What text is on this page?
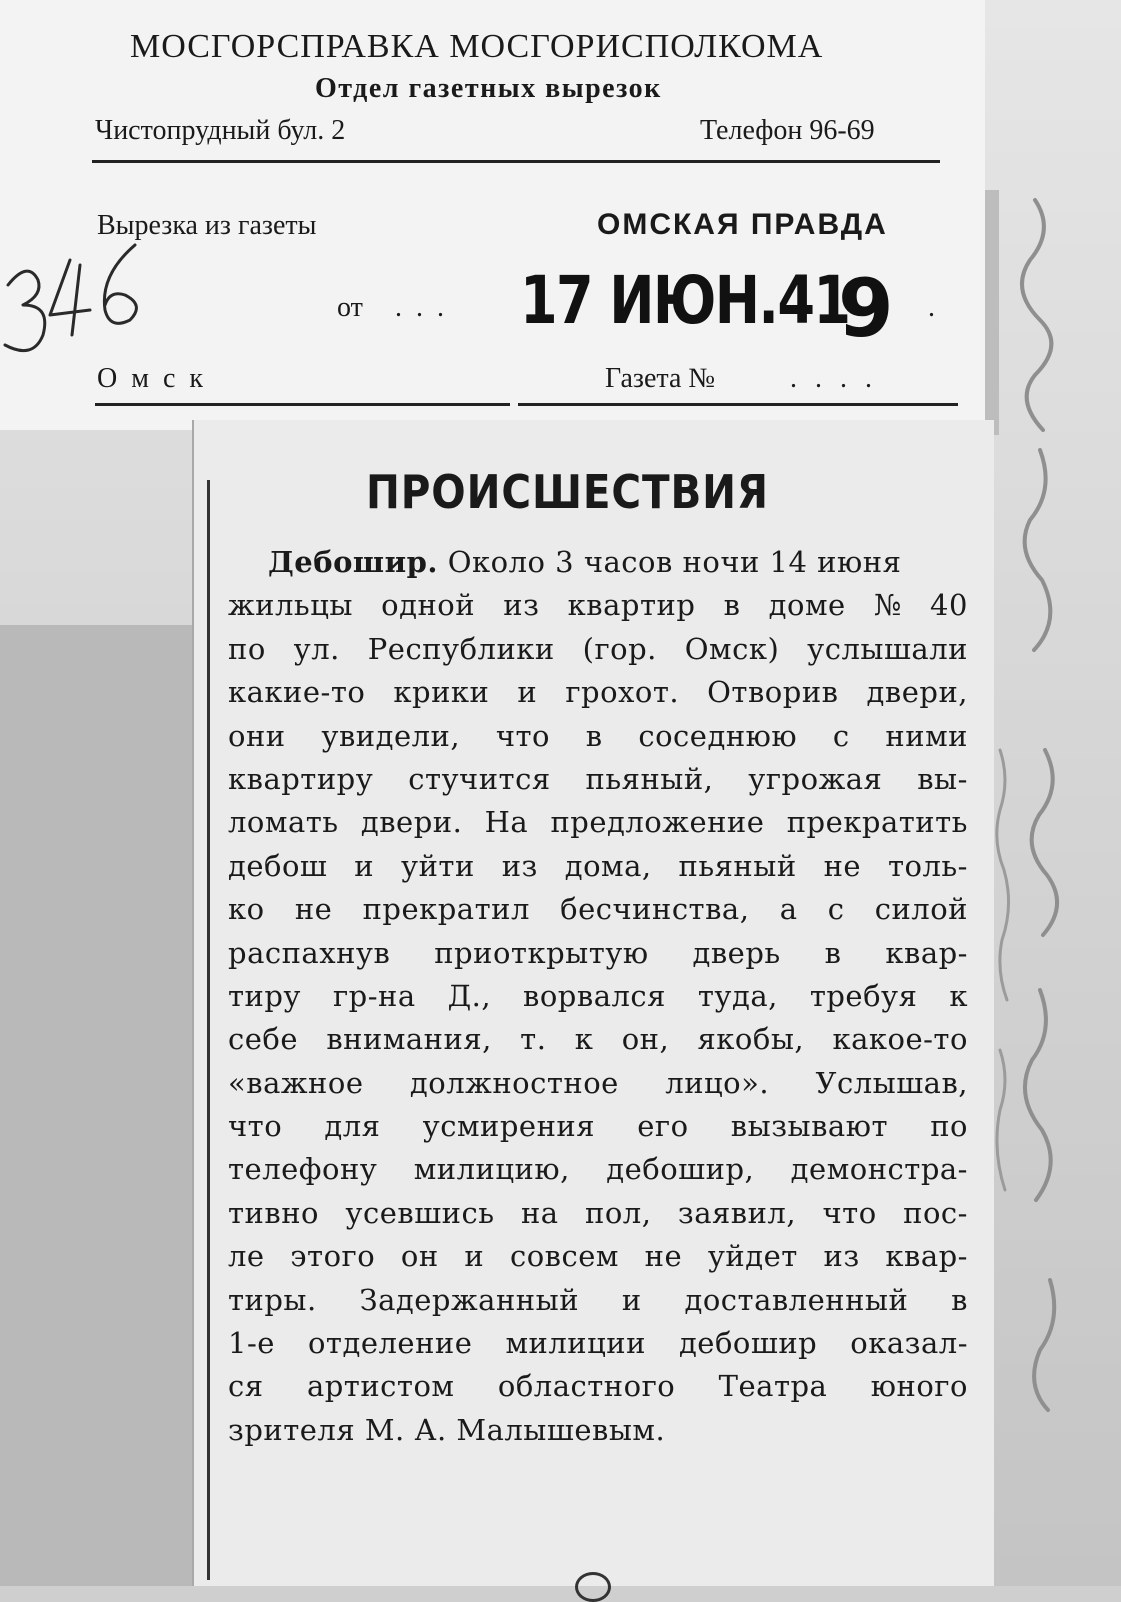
МОСГОРСПРАВКА МОСГОРИСПОЛКОМА
Отдел газетных вырезок
Чистопрудный бул. 2	Телефон 96-69
Вырезка из газеты	ОМСКАЯ ПРАВДА
от ... 17 ИЮН.41
9 .
Омск	Газета №	....
ПРОИСШЕСТВИЯ
Дебошир. Около 3 часов ночи 14 июня
жильцы одной из квартир в доме № 40
по ул. Республики (гор. Омск) услышали
какие-то крики и грохот. Отворив двери,
они увидели, что в соседнюю с ними
квартиру стучится пьяный, угрожая вы-
ломать двери. На предложение прекратить
дебош и уйти из дома, пьяный не толь-
ко не прекратил бесчинства, а с силой
распахнув приоткрытую дверь в квар-
тиру гр-на Д., ворвался туда, требуя к
себе внимания, т. к он, якобы, какое-то
«важное должностное лицо». Услышав,
что для усмирения его вызывают по
телефону милицию, дебошир, демонстра-
тивно усевшись на пол, заявил, что пос-
ле этого он и совсем не уйдет из квар-
тиры. Задержанный и доставленный в
1-е отделение милиции дебошир оказал-
ся артистом областного Театра юного
зрителя М. А. Малышевым.
